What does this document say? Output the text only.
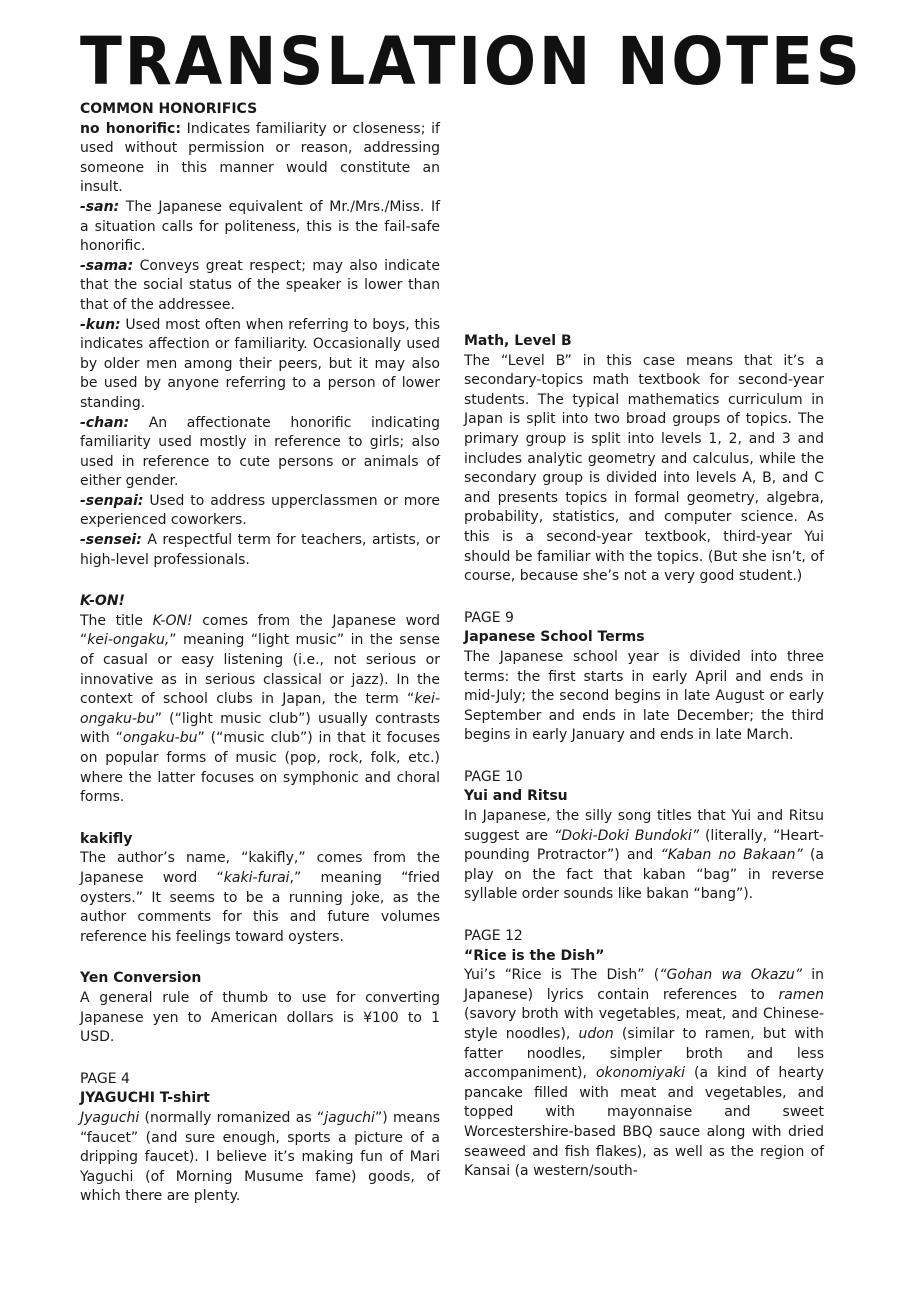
TRANSLATION NOTES
COMMON HONORIFICS

no honorific: Indicates familiarity or closeness; if used without permission or reason, addressing someone in this manner would constitute an insult.

-san: The Japanese equivalent of Mr./Mrs./Miss. If a situation calls for politeness, this is the fail-safe honorific.

-sama: Conveys great respect; may also indicate that the social status of the speaker is lower than that of the addressee.

-kun: Used most often when referring to boys, this indicates affection or familiarity. Occasionally used by older men among their peers, but it may also be used by anyone referring to a person of lower standing.

-chan: An affectionate honorific indicating familiarity used mostly in reference to girls; also used in reference to cute persons or animals of either gender.

-senpai: Used to address upperclassmen or more experienced coworkers.

-sensei: A respectful term for teachers, artists, or high-level professionals.

K-ON!

The title K-ON! comes from the Japanese word “kei-ongaku,” meaning “light music” in the sense of casual or easy listening (i.e., not serious or innovative as in serious classical or jazz). In the context of school clubs in Japan, the term “kei-ongaku-bu” (“light music club”) usually contrasts with “ongaku-bu” (“music club”) in that it focuses on popular forms of music (pop, rock, folk, etc.) where the latter focuses on symphonic and choral forms.

kakifly

The author’s name, “kakifly,” comes from the Japanese word “kaki-furai,” meaning “fried oysters.” It seems to be a running joke, as the author comments for this and future volumes reference his feelings toward oysters.

Yen Conversion

A general rule of thumb to use for converting Japanese yen to American dollars is ¥100 to 1 USD.

PAGE 4
JYAGUCHI T-shirt

Jyaguchi (normally romanized as “jaguchi”) means “faucet” (and sure enough, sports a picture of a dripping faucet). I believe it’s making fun of Mari Yaguchi (of Morning Musume fame) goods, of which there are plenty.

Math, Level B

The “Level B” in this case means that it’s a secondary-topics math textbook for second-year students. The typical mathematics curriculum in Japan is split into two broad groups of topics. The primary group is split into levels 1, 2, and 3 and includes analytic geometry and calculus, while the secondary group is divided into levels A, B, and C and presents topics in formal geometry, algebra, probability, statistics, and computer science. As this is a second-year textbook, third-year Yui should be familiar with the topics. (But she isn’t, of course, because she’s not a very good student.)

PAGE 9
Japanese School Terms

The Japanese school year is divided into three terms: the first starts in early April and ends in mid-July; the second begins in late August or early September and ends in late December; the third begins in early January and ends in late March.

PAGE 10
Yui and Ritsu

In Japanese, the silly song titles that Yui and Ritsu suggest are “Doki-Doki Bundoki” (literally, “Heart-pounding Protractor”) and “Kaban no Bakaan” (a play on the fact that kaban “bag” in reverse syllable order sounds like bakan “bang”).

PAGE 12
“Rice is the Dish”

Yui’s “Rice is The Dish” (“Gohan wa Okazu” in Japanese) lyrics contain references to ramen (savory broth with vegetables, meat, and Chinese-style noodles), udon (similar to ramen, but with fatter noodles, simpler broth and less accompaniment), okonomiyaki (a kind of hearty pancake filled with meat and vegetables, and topped with mayonnaise and sweet Worcestershire-based BBQ sauce along with dried seaweed and fish flakes), as well as the region of Kansai (a western/south-
